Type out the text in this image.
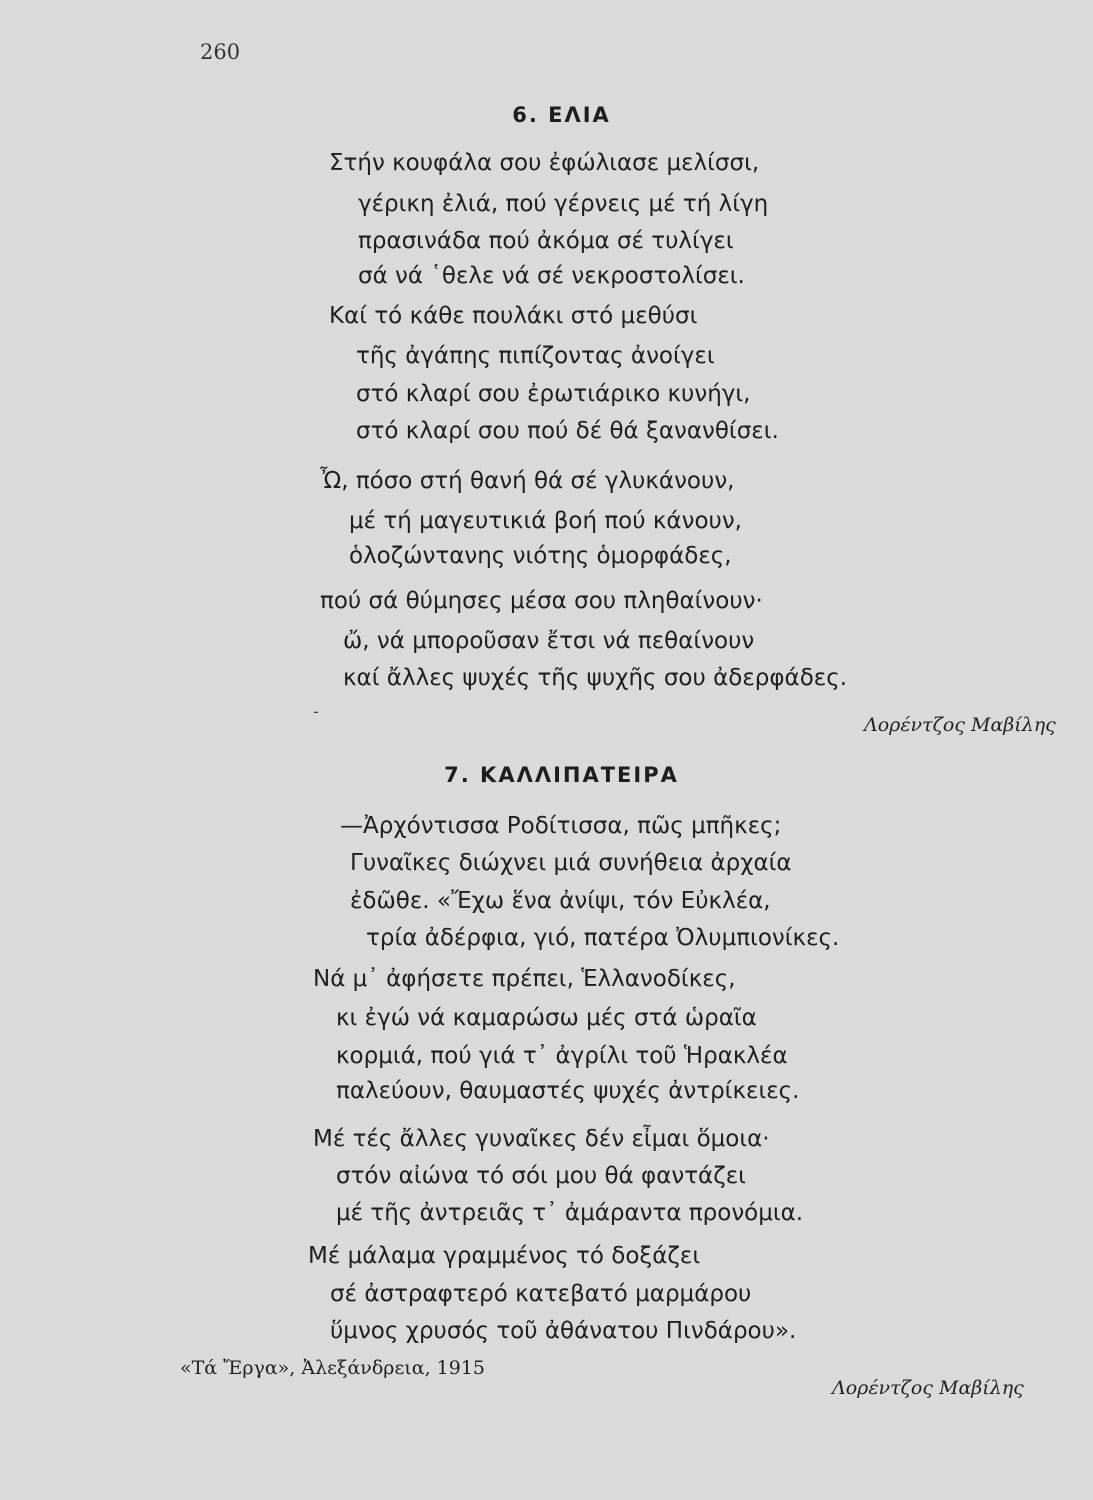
260
6. ΕΛΙΑ
Στήν κουφάλα σου ἐφώλιασε μελίσσι,
γέρικη ἐλιά, πού γέρνεις μέ τή λίγη
πρασινάδα πού ἀκόμα σέ τυλίγει
σά νά ῾θελε νά σέ νεκροστολίσει.
Καί τό κάθε πουλάκι στό μεθύσι
τῆς ἀγάπης πιπίζοντας ἀνοίγει
στό κλαρί σου ἐρωτιάρικο κυνήγι,
στό κλαρί σου πού δέ θά ξανανθίσει.
Ὦ, πόσο στή θανή θά σέ γλυκάνουν,
μέ τή μαγευτικιά βοή πού κάνουν,
ὁλοζώντανης νιότης ὁμορφάδες,
πού σά θύμησες μέσα σου πληθαίνουν·
ὤ, νά μποροῦσαν ἔτσι νά πεθαίνουν
καί ἄλλες ψυχές τῆς ψυχῆς σου ἀδερφάδες.
-
Λορέντζος Μαβίλης
7. ΚΑΛΛΙΠΑΤΕΙΡΑ
—Ἀρχόντισσα Ροδίτισσα, πῶς μπῆκες;
Γυναῖκες διώχνει μιά συνήθεια ἀρχαία
ἐδῶθε. «Ἔχω ἕνα ἀνίψι, τόν Εὐκλέα,
τρία ἀδέρφια, γιό, πατέρα Ὀλυμπιονίκες.
Νά μ᾽ ἀφήσετε πρέπει, Ἑλλανοδίκες,
κι ἐγώ νά καμαρώσω μές στά ὡραῖα
κορμιά, πού γιά τ᾽ ἀγρίλι τοῦ Ἡρακλέα
παλεύουν, θαυμαστές ψυχές ἀντρίκειες.
Μέ τές ἄλλες γυναῖκες δέν εἶμαι ὅμοια·
στόν αἰώνα τό σόι μου θά φαντάζει
μέ τῆς ἀντρειᾶς τ᾽ ἀμάραντα προνόμια.
Μέ μάλαμα γραμμένος τό δοξάζει
σέ ἀστραφτερό κατεβατό μαρμάρου
ὕμνος χρυσός τοῦ ἀθάνατου Πινδάρου».
«Τά Ἔργα», Ἀλεξάνδρεια, 1915
Λορέντζος Μαβίλης
